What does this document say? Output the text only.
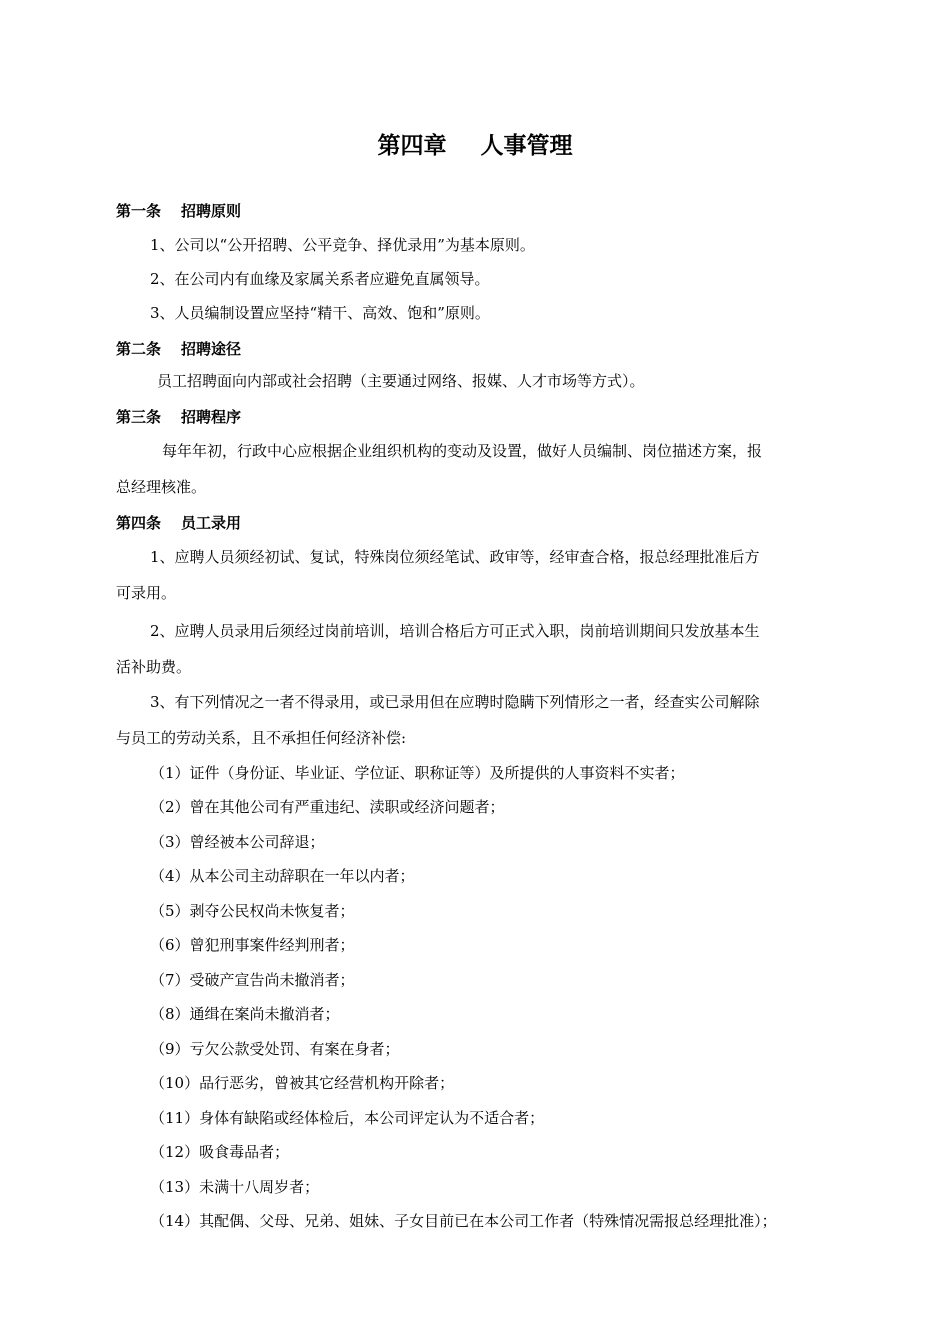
第四章 人事管理
第一条 招聘原则
1、公司以“公开招聘、公平竞争、择优录用”为基本原则。
2、在公司内有血缘及家属关系者应避免直属领导。
3、人员编制设置应坚持“精干、高效、饱和”原则。
第二条 招聘途径
员工招聘面向内部或社会招聘（主要通过网络、报媒、人才市场等方式）。
第三条 招聘程序
每年年初，行政中心应根据企业组织机构的变动及设置，做好人员编制、岗位描述方案，报
总经理核准。
第四条 员工录用
1、应聘人员须经初试、复试，特殊岗位须经笔试、政审等，经审查合格，报总经理批准后方
可录用。
2、应聘人员录用后须经过岗前培训，培训合格后方可正式入职，岗前培训期间只发放基本生
活补助费。
3、有下列情况之一者不得录用，或已录用但在应聘时隐瞒下列情形之一者，经查实公司解除
与员工的劳动关系，且不承担任何经济补偿:
（1）证件（身份证、毕业证、学位证、职称证等）及所提供的人事资料不实者；
（2）曾在其他公司有严重违纪、渎职或经济问题者；
（3）曾经被本公司辞退；
（4）从本公司主动辞职在一年以内者；
（5）剥夺公民权尚未恢复者；
（6）曾犯刑事案件经判刑者；
（7）受破产宣告尚未撤消者；
（8）通缉在案尚未撤消者；
（9）亏欠公款受处罚、有案在身者；
（10）品行恶劣，曾被其它经营机构开除者；
（11）身体有缺陷或经体检后，本公司评定认为不适合者；
（12）吸食毒品者；
（13）未满十八周岁者；
（14）其配偶、父母、兄弟、姐妹、子女目前已在本公司工作者（特殊情况需报总经理批准）；
